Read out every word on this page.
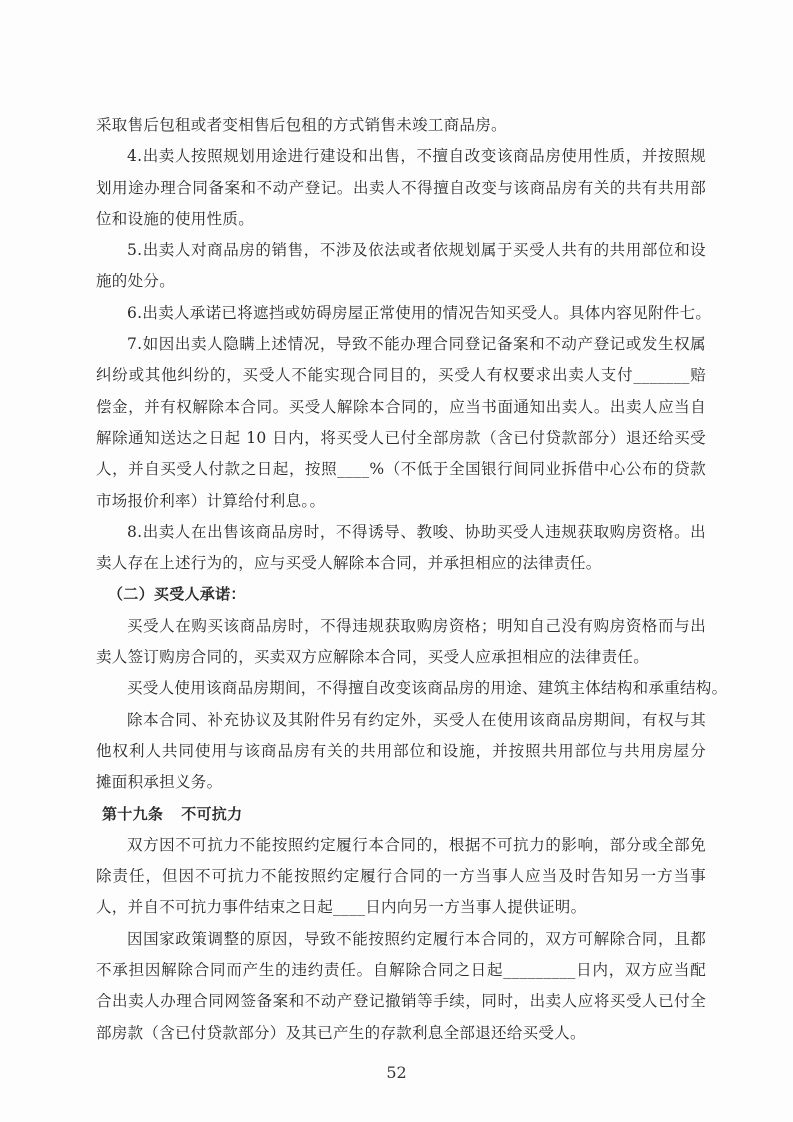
采取售后包租或者变相售后包租的方式销售未竣工商品房。
4.出卖人按照规划用途进行建设和出售，不擅自改变该商品房使用性质，并按照规
划用途办理合同备案和不动产登记。出卖人不得擅自改变与该商品房有关的共有共用部
位和设施的使用性质。
5.出卖人对商品房的销售，不涉及依法或者依规划属于买受人共有的共用部位和设
施的处分。
6.出卖人承诺已将遮挡或妨碍房屋正常使用的情况告知买受人。具体内容见附件七。
7.如因出卖人隐瞒上述情况，导致不能办理合同登记备案和不动产登记或发生权属
纠纷或其他纠纷的，买受人不能实现合同目的，买受人有权要求出卖人支付_______赔
偿金，并有权解除本合同。买受人解除本合同的，应当书面通知出卖人。出卖人应当自
解除通知送达之日起 10 日内，将买受人已付全部房款（含已付贷款部分）退还给买受
人，并自买受人付款之日起，按照____%（不低于全国银行间同业拆借中心公布的贷款
市场报价利率）计算给付利息。。
8.出卖人在出售该商品房时，不得诱导、教唆、协助买受人违规获取购房资格。出
卖人存在上述行为的，应与买受人解除本合同，并承担相应的法律责任。
（二）买受人承诺：
买受人在购买该商品房时，不得违规获取购房资格；明知自己没有购房资格而与出
卖人签订购房合同的，买卖双方应解除本合同，买受人应承担相应的法律责任。
买受人使用该商品房期间，不得擅自改变该商品房的用途、建筑主体结构和承重结构。
除本合同、补充协议及其附件另有约定外，买受人在使用该商品房期间，有权与其
他权利人共同使用与该商品房有关的共用部位和设施，并按照共用部位与共用房屋分
摊面积承担义务。
第十九条 不可抗力
双方因不可抗力不能按照约定履行本合同的，根据不可抗力的影响，部分或全部免
除责任，但因不可抗力不能按照约定履行合同的一方当事人应当及时告知另一方当事
人，并自不可抗力事件结束之日起____日内向另一方当事人提供证明。
因国家政策调整的原因，导致不能按照约定履行本合同的，双方可解除合同，且都
不承担因解除合同而产生的违约责任。自解除合同之日起_________日内，双方应当配
合出卖人办理合同网签备案和不动产登记撤销等手续，同时，出卖人应将买受人已付全
部房款（含已付贷款部分）及其已产生的存款利息全部退还给买受人。
52
